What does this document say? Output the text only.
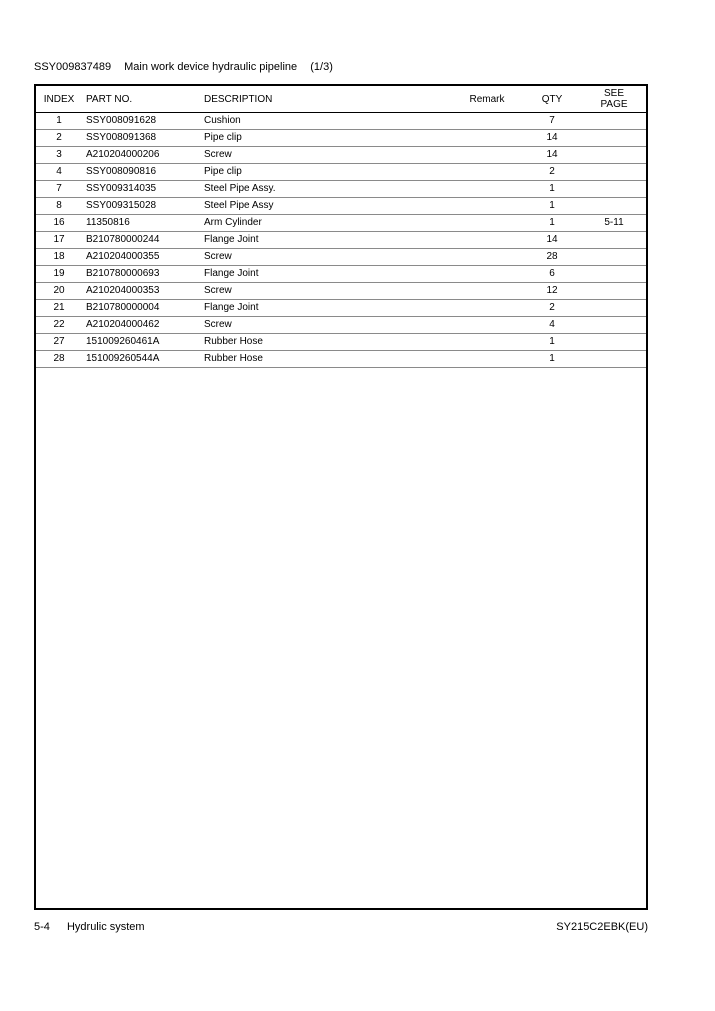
SSY009837489 Main work device hydraulic pipeline (1/3)
INDEX	PART NO.	DESCRIPTION	Remark	QTY	SEE
PAGE

1	SSY008091628	Cushion		7	
2	SSY008091368	Pipe clip		14	
3	A210204000206	Screw		14	
4	SSY008090816	Pipe clip		2	
7	SSY009314035	Steel Pipe Assy.		1	
8	SSY009315028	Steel Pipe Assy		1	
16	11350816	Arm Cylinder		1	5-11
17	B210780000244	Flange Joint		14	
18	A210204000355	Screw		28	
19	B210780000693	Flange Joint		6	
20	A210204000353	Screw		12	
21	B210780000004	Flange Joint		2	
22	A210204000462	Screw		4	
27	151009260461A	Rubber Hose		1	
28	151009260544A	Rubber Hose		1	
5-4 Hydrulic system	SY215C2EBK(EU)
